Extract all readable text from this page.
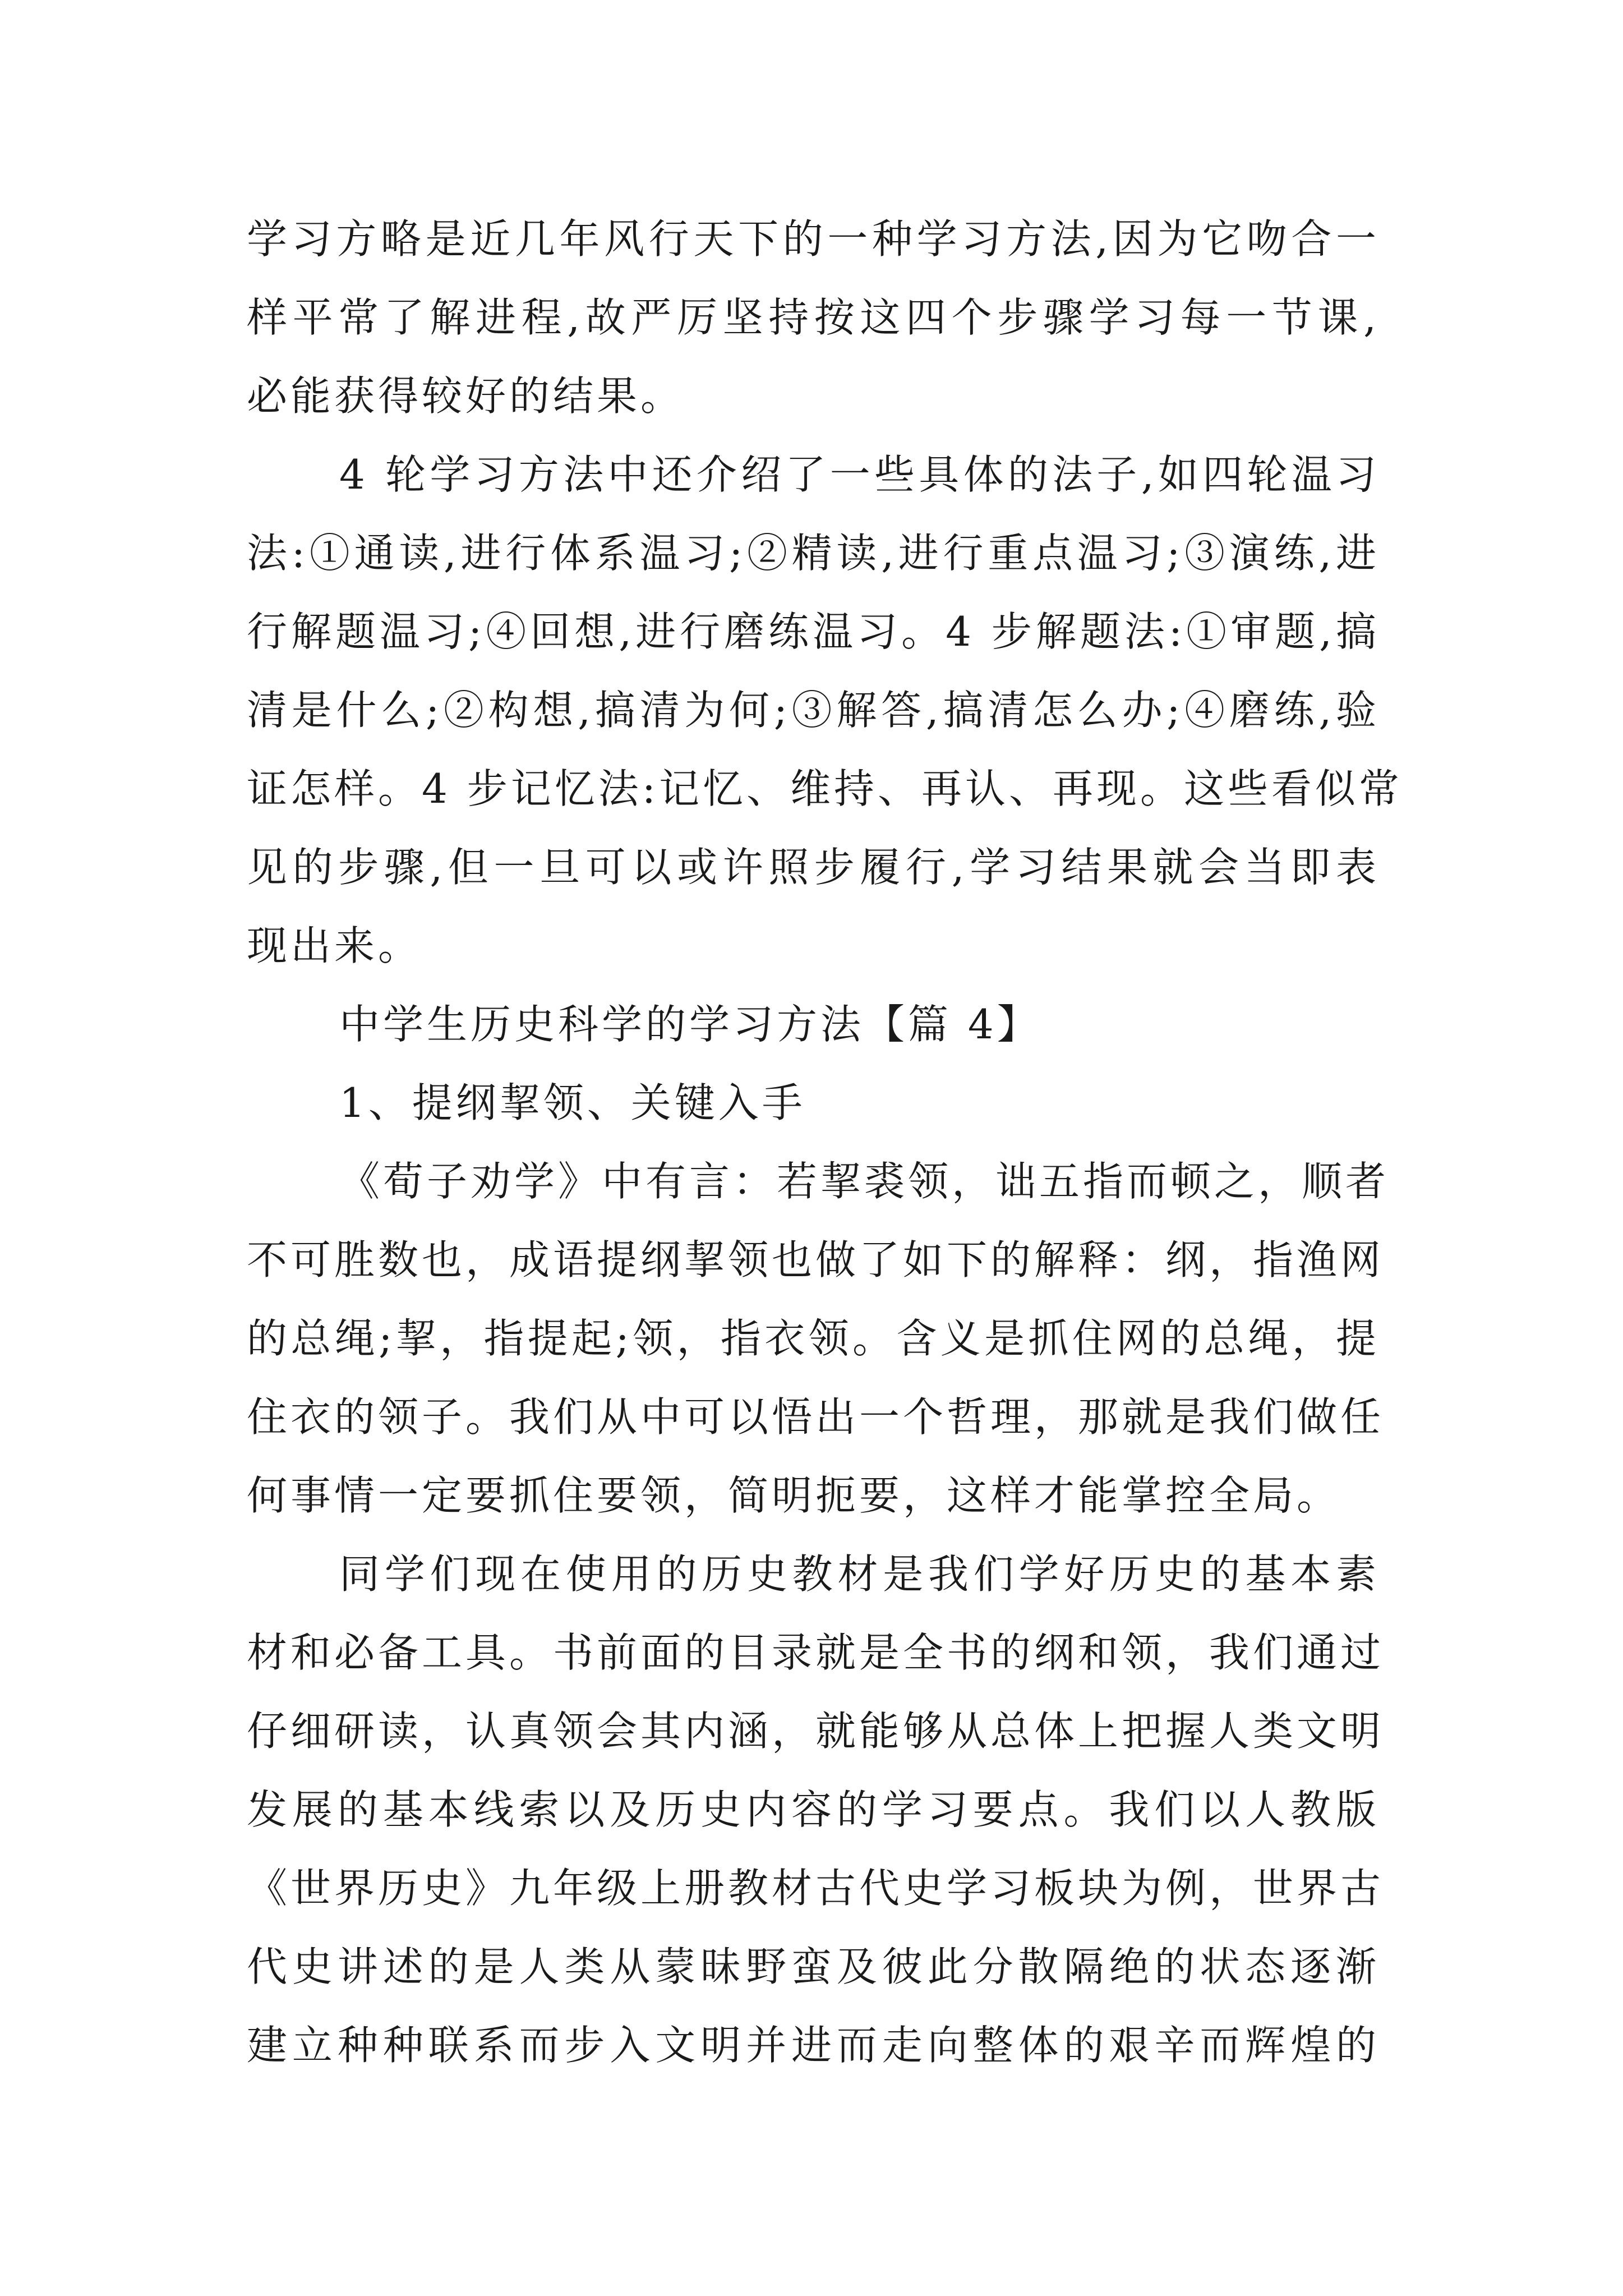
学习方略是近几年风行天下的一种学习方法,因为它吻合一
样平常了解进程,故严厉坚持按这四个步骤学习每一节课,
必能获得较好的结果。
4 轮学习方法中还介绍了一些具体的法子,如四轮温习
法:①通读,进行体系温习;②精读,进行重点温习;③演练,进
行解题温习;④回想,进行磨练温习。4 步解题法:①审题,搞
清是什么;②构想,搞清为何;③解答,搞清怎么办;④磨练,验
证怎样。4 步记忆法:记忆、维持、再认、再现。这些看似常
见的步骤,但一旦可以或许照步履行,学习结果就会当即表
现出来。
中学生历史科学的学习方法【篇 4】
1、提纲挈领、关键入手
《荀子劝学》中有言：若挈裘领，诎五指而顿之，顺者
不可胜数也，成语提纲挈领也做了如下的解释：纲，指渔网
的总绳;挈，指提起;领，指衣领。含义是抓住网的总绳，提
住衣的领子。我们从中可以悟出一个哲理，那就是我们做任
何事情一定要抓住要领，简明扼要，这样才能掌控全局。
同学们现在使用的历史教材是我们学好历史的基本素
材和必备工具。书前面的目录就是全书的纲和领，我们通过
仔细研读，认真领会其内涵，就能够从总体上把握人类文明
发展的基本线索以及历史内容的学习要点。我们以人教版
《世界历史》九年级上册教材古代史学习板块为例，世界古
代史讲述的是人类从蒙昧野蛮及彼此分散隔绝的状态逐渐
建立种种联系而步入文明并进而走向整体的艰辛而辉煌的
